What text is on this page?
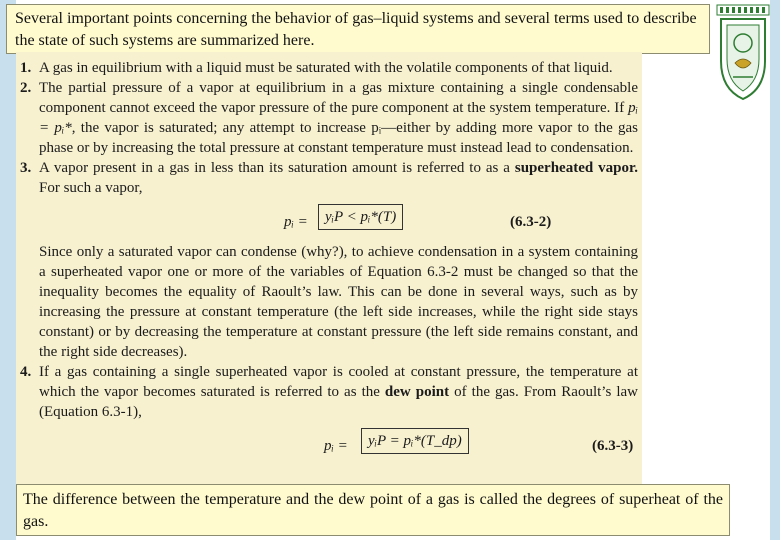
Several important points concerning the behavior of gas–liquid systems and several terms used to describe the state of such systems are summarized here.
1. A gas in equilibrium with a liquid must be saturated with the volatile components of that liquid.
2. The partial pressure of a vapor at equilibrium in a gas mixture containing a single condensable component cannot exceed the vapor pressure of the pure component at the system temperature. If pᵢ = pᵢ*, the vapor is saturated; any attempt to increase pᵢ—either by adding more vapor to the gas phase or by increasing the total pressure at constant temperature must instead lead to condensation.
3. A vapor present in a gas in less than its saturation amount is referred to as a superheated vapor. For such a vapor,
pᵢ =	yᵢP < pᵢ*(T)	(6.3-2)
Since only a saturated vapor can condense (why?), to achieve condensation in a system containing a superheated vapor one or more of the variables of Equation 6.3-2 must be changed so that the inequality becomes the equality of Raoult’s law. This can be done in several ways, such as by increasing the pressure at constant temperature (the left side increases, while the right side stays constant) or by decreasing the temperature at constant pressure (the left side remains constant, and the right side decreases).
4. If a gas containing a single superheated vapor is cooled at constant pressure, the temperature at which the vapor becomes saturated is referred to as the dew point of the gas. From Raoult’s law (Equation 6.3-1),
pᵢ =	yᵢP = pᵢ*(T_dp)	(6.3-3)
The difference between the temperature and the dew point of a gas is called the degrees of superheat of the gas.
